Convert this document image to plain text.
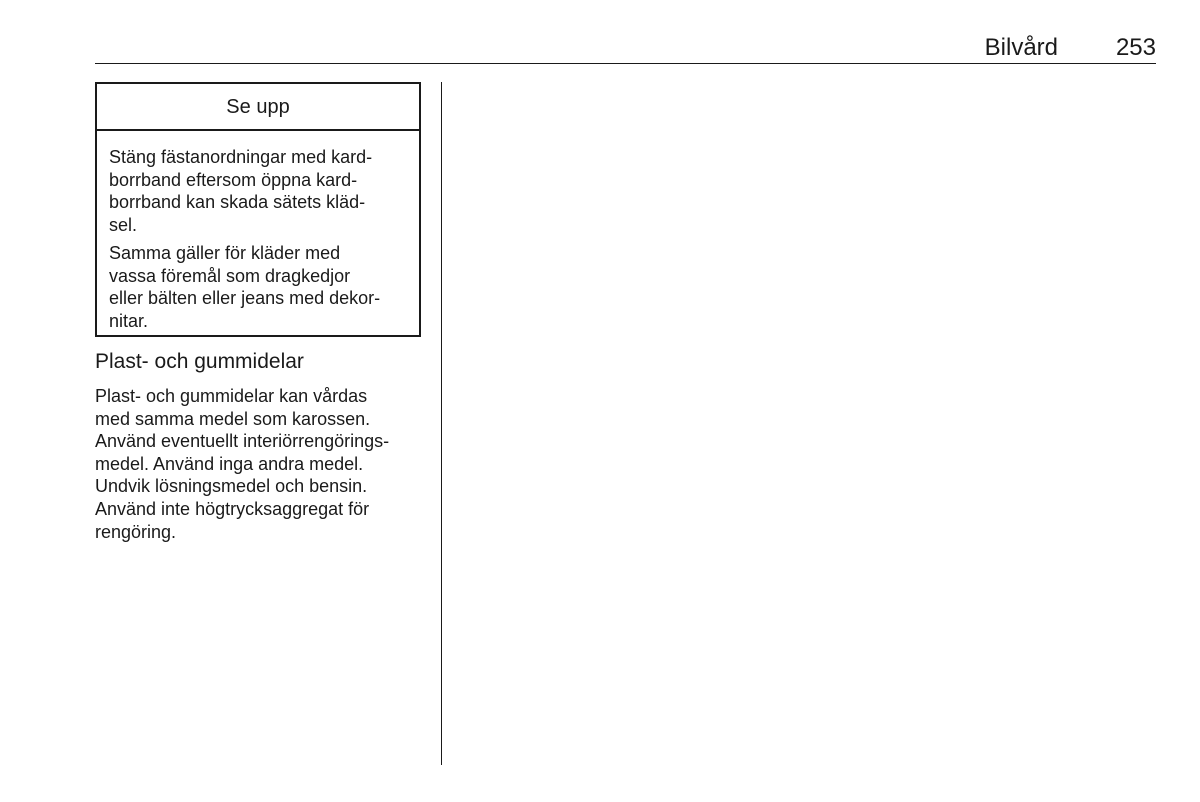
Bilvård 253
Se upp

Stäng fästanordningar med kard-
borrband eftersom öppna kard-
borrband kan skada sätets kläd-
sel.

Samma gäller för kläder med
vassa föremål som dragkedjor
eller bälten eller jeans med dekor-
nitar.

Plast- och gummidelar

Plast- och gummidelar kan vårdas
med samma medel som karossen.
Använd eventuellt interiörrengörings-
medel. Använd inga andra medel.
Undvik lösningsmedel och bensin.
Använd inte högtrycksaggregat för
rengöring.
